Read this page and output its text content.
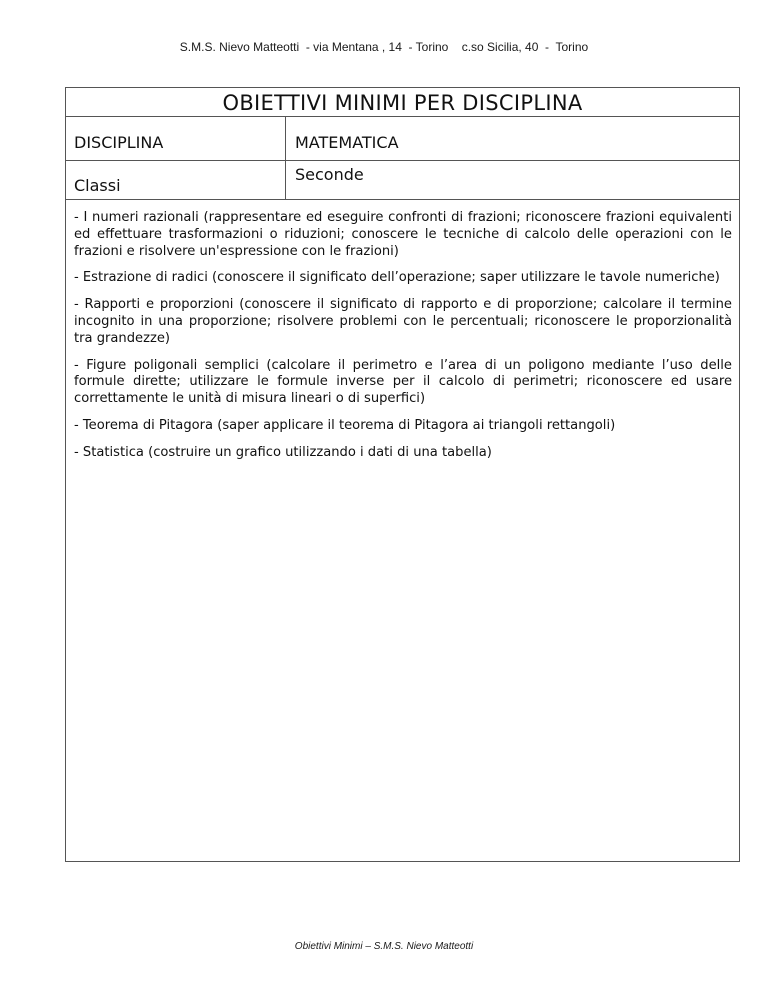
S.M.S. Nievo Matteotti  - via Mentana , 14  - Torino    c.so Sicilia, 40  -  Torino
OBIETTIVI MINIMI PER DISCIPLINA
DISCIPLINA	MATEMATICA
Classi
Seconde

- I numeri razionali (rappresentare ed eseguire confronti di frazioni; riconoscere frazioni equivalenti ed effettuare trasformazioni o riduzioni; conoscere le tecniche di calcolo delle operazioni con le frazioni e risolvere un'espressione con le frazioni)

- Estrazione di radici (conoscere il significato dell’operazione; saper utilizzare le tavole numeriche)

- Rapporti e proporzioni (conoscere il significato di rapporto e di proporzione; calcolare il termine incognito in una proporzione; risolvere problemi con le percentuali; riconoscere le proporzionalità tra grandezze)

- Figure poligonali semplici (calcolare il perimetro e l’area di un poligono mediante l’uso delle formule dirette; utilizzare le formule inverse per il calcolo di perimetri; riconoscere ed usare correttamente le unità di misura lineari o di superfici)

- Teorema di Pitagora (saper applicare il teorema di Pitagora ai triangoli rettangoli)

- Statistica (costruire un grafico utilizzando i dati di una tabella)

Obiettivi Minimi – S.M.S. Nievo Matteotti
